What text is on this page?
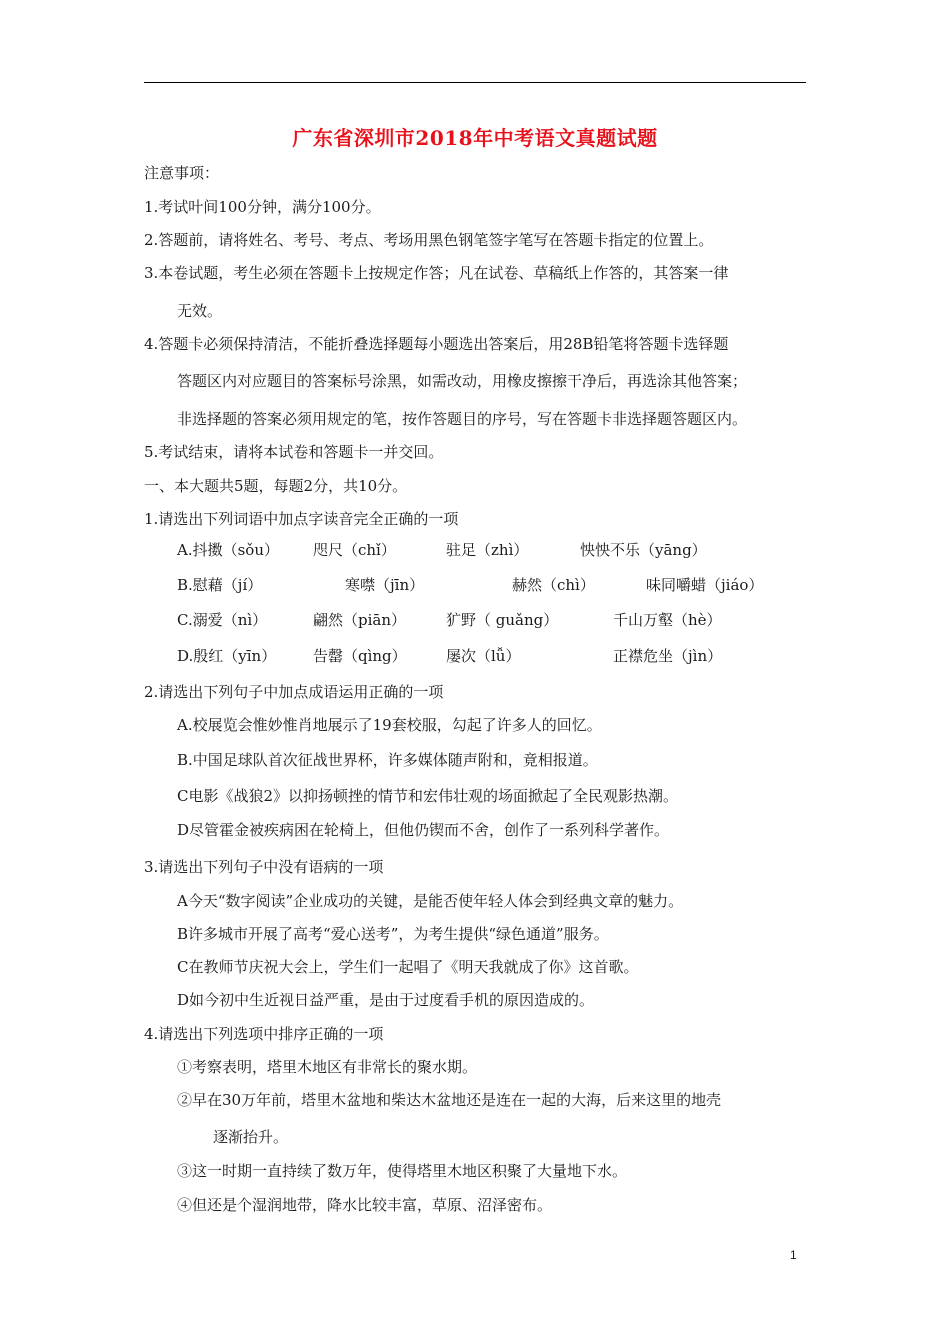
广东省深圳市2018年中考语文真题试题
注意事项：
1.考试叶间100分钟，满分100分。
2.答题前，请将姓名、考号、考点、考场用黑色钢笔签字笔写在答题卡指定的位置上。
3.本卷试题，考生必须在答题卡上按规定作答；凡在试卷、草稿纸上作答的，其答案一律
无效。
4.答题卡必须保持清洁，不能折叠选择题每小题选出答案后，用28B铅笔将答题卡选铎题
答题区内对应题目的答案标号涂黑，如需改动，用橡皮擦擦干净后，再选涂其他答案；
非选择题的答案必须用规定的笔，按作答题目的序号，写在答题卡非选择题答题区内。
5.考试结束，请将本试卷和答题卡一并交回。
一、本大题共5题，每题2分，共10分。
1.请选出下列词语中加点字读音完全正确的一项
A.抖擞（sǒu） 咫尺（chǐ）	驻足（zhì）	怏怏不乐（yāng）
B.慰藉（jí）	寒噤（jīn）	赫然（chì）	味同嚼蜡（jiáo）
C.溺爱（nì）	翩然（piān）	犷野（ guǎng）	千山万壑（hè）
D.殷红（yīn） 告罄（qìng）	屡次（lǚ）	正襟危坐（jìn）
2.请选出下列句子中加点成语运用正确的一项
A.校展览会惟妙惟肖地展示了19套校服，勾起了许多人的回忆。
B.中国足球队首次征战世界杯，许多媒体随声附和，竟相报道。
C电影《战狼2》以抑扬顿挫的情节和宏伟壮观的场面掀起了全民观影热潮。
D尽管霍金被疾病困在轮椅上，但他仍锲而不舍，创作了一系列科学著作。
3.请选出下列句子中没有语病的一项
A今天“数字阅读”企业成功的关键，是能否使年轻人体会到经典文章的魅力。
B许多城市开展了高考“爱心送考”，为考生提供“绿色通道”服务。
C在教师节庆祝大会上，学生们一起唱了《明天我就成了你》这首歌。
D如今初中生近视日益严重，是由于过度看手机的原因造成的。
4.请选出下列选项中排序正确的一项
①考察表明，塔里木地区有非常长的聚水期。
②早在30万年前，塔里木盆地和柴达木盆地还是连在一起的大海，后来这里的地壳
逐渐抬升。
③这一时期一直持续了数万年，使得塔里木地区积聚了大量地下水。
④但还是个湿润地带，降水比较丰富，草原、沼泽密布。
1
